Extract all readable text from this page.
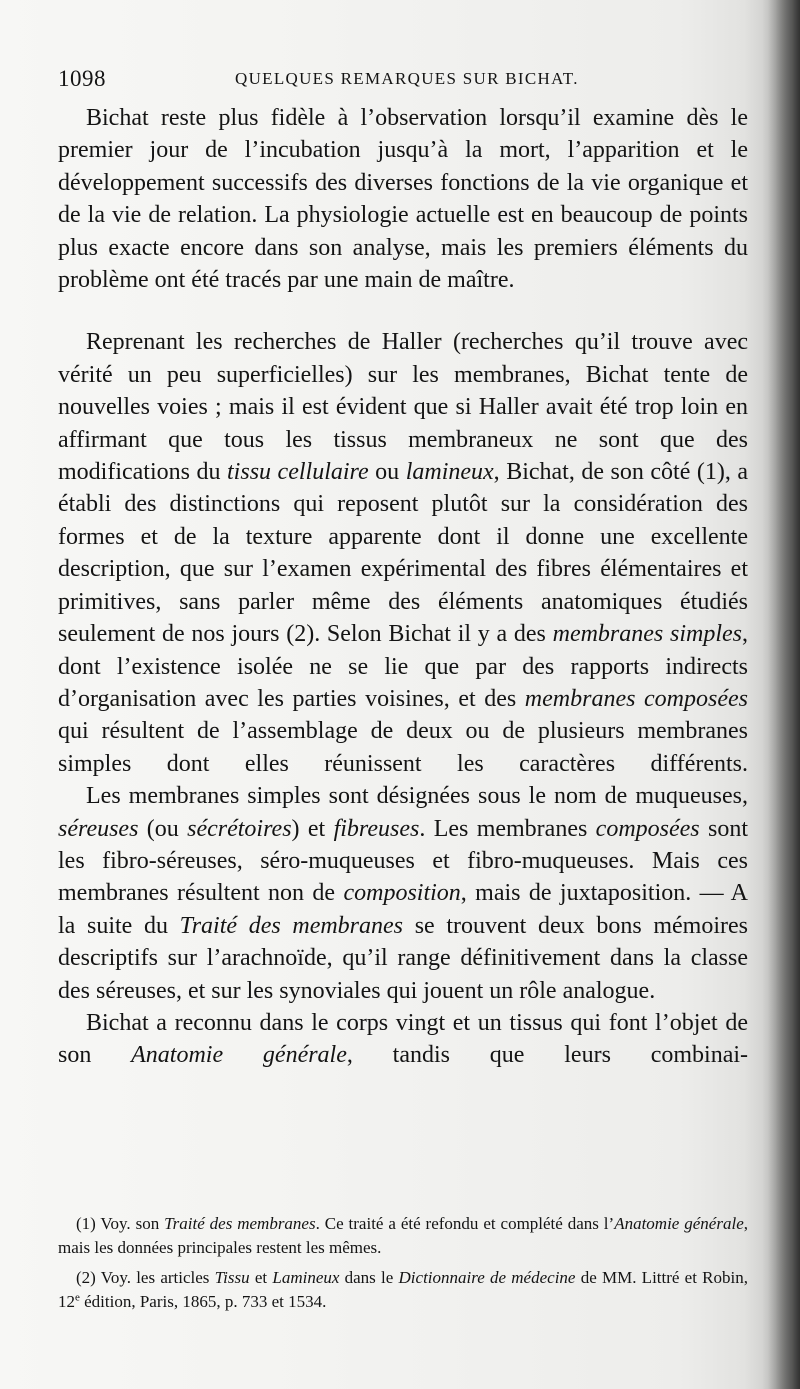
1098	QUELQUES REMARQUES SUR BICHAT.

Bichat reste plus fidèle à l’observation lorsqu’il examine dès le premier jour de l’incubation jusqu’à la mort, l’apparition et le développement successifs des diverses fonctions de la vie organique et de la vie de relation. La physiologie actuelle est en beaucoup de points plus exacte encore dans son analyse, mais les premiers éléments du problème ont été tracés par une main de maître.

Reprenant les recherches de Haller (recherches qu’il trouve avec vérité un peu superficielles) sur les membranes, Bichat tente de nouvelles voies ; mais il est évident que si Haller avait été trop loin en affirmant que tous les tissus membraneux ne sont que des modifications du tissu cellulaire ou lamineux, Bichat, de son côté (1), a établi des distinctions qui reposent plutôt sur la considération des formes et de la texture apparente dont il donne une excellente description, que sur l’examen expérimental des fibres élémentaires et primitives, sans parler même des éléments anatomiques étudiés seulement de nos jours (2). Selon Bichat il y a des membranes simples, dont l’existence isolée ne se lie que par des rapports indirects d’organisation avec les parties voisines, et des membranes composées qui résultent de l’assemblage de deux ou de plusieurs membranes simples dont elles réunissent les caractères différents.

Les membranes simples sont désignées sous le nom de muqueuses, séreuses (ou sécrétoires) et fibreuses. Les membranes composées sont les fibro-séreuses, séro-muqueuses et fibro-muqueuses. Mais ces membranes résultent non de composition, mais de juxtaposition. — A la suite du Traité des membranes se trouvent deux bons mémoires descriptifs sur l’arachnoïde, qu’il range définitivement dans la classe des séreuses, et sur les synoviales qui jouent un rôle analogue.

Bichat a reconnu dans le corps vingt et un tissus qui font l’objet de son Anatomie générale, tandis que leurs combinai-

(1) Voy. son Traité des membranes. Ce traité a été refondu et complété dans l’Anatomie générale, mais les données principales restent les mêmes.

(2) Voy. les articles Tissu et Lamineux dans le Dictionnaire de médecine de MM. Littré et Robin, 12e édition, Paris, 1865, p. 733 et 1534.
